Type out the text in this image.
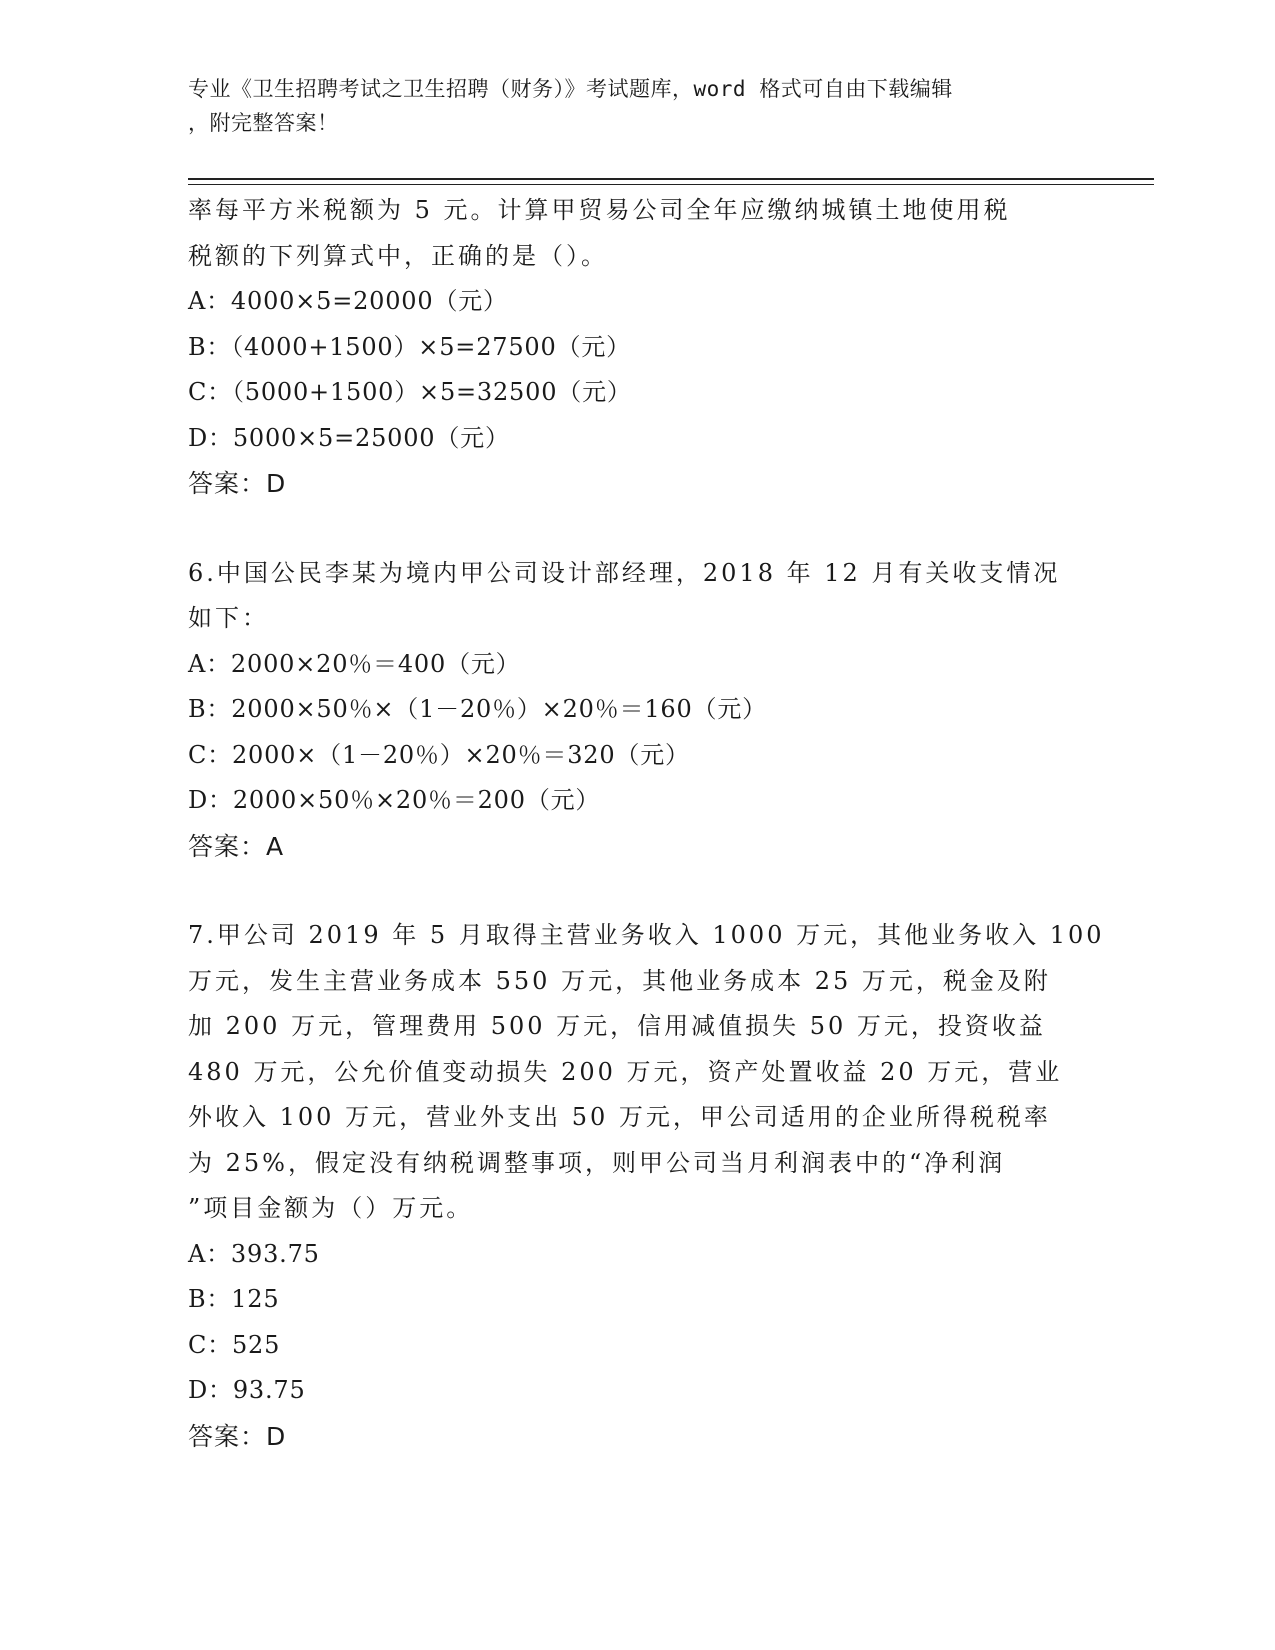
专业《卫生招聘考试之卫生招聘（财务）》考试题库，word 格式可自由下载编辑
，附完整答案！
率每平方米税额为 5 元。计算甲贸易公司全年应缴纳城镇土地使用税
税额的下列算式中，正确的是（）。
A：4000×5=20000（元）
B：（4000+1500）×5=27500（元）
C：（5000+1500）×5=32500（元）
D：5000×5=25000（元）
答案：D
6.中国公民李某为境内甲公司设计部经理，2018 年 12 月有关收支情况
如下：
A：2000×20％＝400（元）
B：2000×50％×（1－20％）×20％＝160（元）
C：2000×（1－20％）×20％＝320（元）
D：2000×50％×20％＝200（元）
答案：A
7.甲公司 2019 年 5 月取得主营业务收入 1000 万元，其他业务收入 100
万元，发生主营业务成本 550 万元，其他业务成本 25 万元，税金及附
加 200 万元，管理费用 500 万元，信用减值损失 50 万元，投资收益
480 万元，公允价值变动损失 200 万元，资产处置收益 20 万元，营业
外收入 100 万元，营业外支出 50 万元，甲公司适用的企业所得税税率
为 25%，假定没有纳税调整事项，则甲公司当月利润表中的“净利润
”项目金额为（）万元。
A：393.75
B：125
C：525
D：93.75
答案：D
